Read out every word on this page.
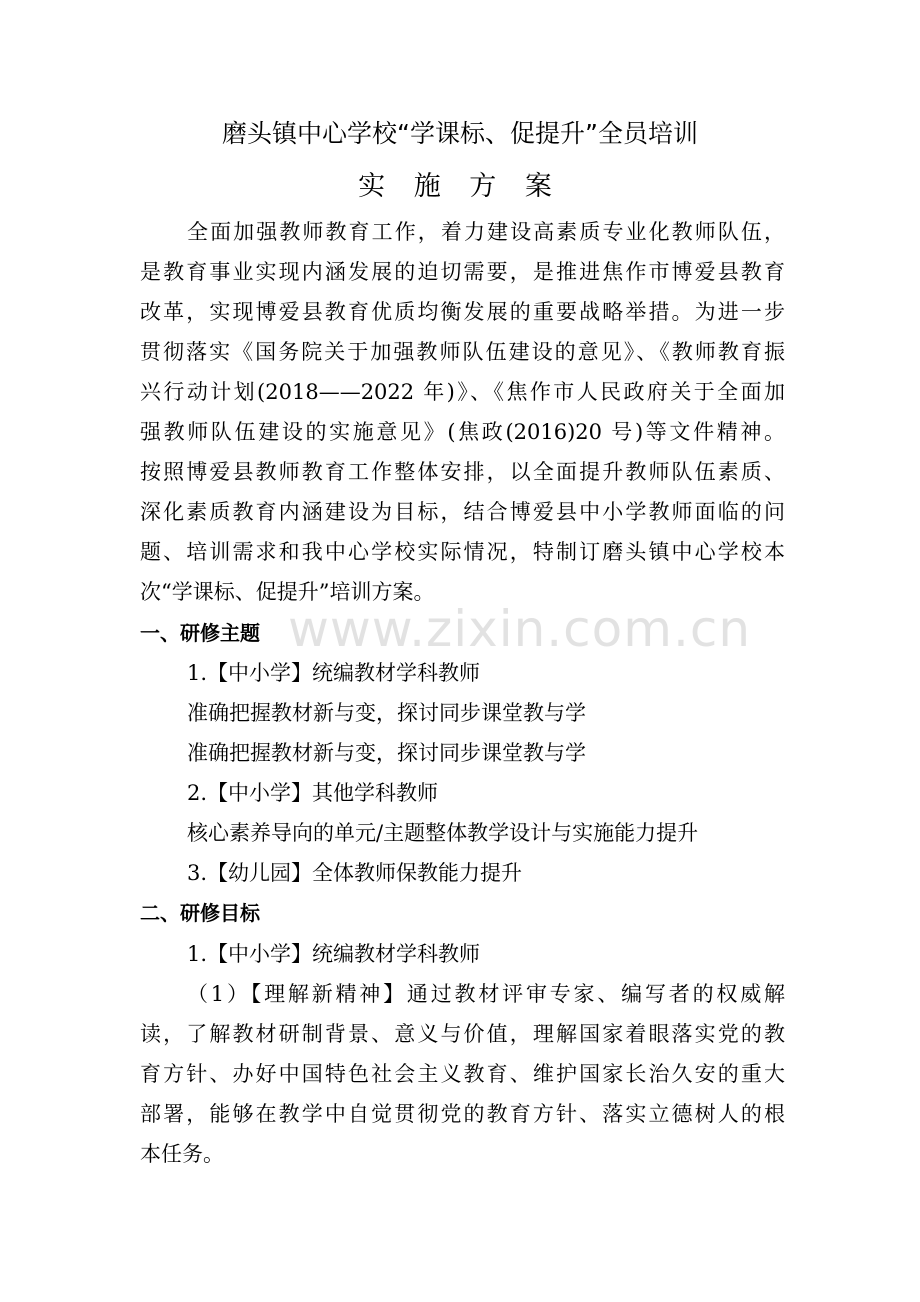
www.zixin.com.cn
磨头镇中心学校“学课标、促提升”全员培训
实 施 方 案
全面加强教师教育工作，着力建设高素质专业化教师队伍，
是教育事业实现内涵发展的迫切需要，是推进焦作市博爱县教育
改革，实现博爱县教育优质均衡发展的重要战略举措。为进一步
贯彻落实《国务院关于加强教师队伍建设的意见》、《教师教育振
兴行动计划(2018——2022 年)》、《焦作市人民政府关于全面加
强教师队伍建设的实施意见》(焦政(2016)20 号)等文件精神。
按照博爱县教师教育工作整体安排，以全面提升教师队伍素质、
深化素质教育内涵建设为目标，结合博爱县中小学教师面临的问
题、培训需求和我中心学校实际情况，特制订磨头镇中心学校本
次“学课标、促提升”培训方案。
一、研修主题
1.【中小学】统编教材学科教师
准确把握教材新与变，探讨同步课堂教与学
准确把握教材新与变，探讨同步课堂教与学
2.【中小学】其他学科教师
核心素养导向的单元/主题整体教学设计与实施能力提升
3.【幼儿园】全体教师保教能力提升
二、研修目标
1.【中小学】统编教材学科教师
（1）【理解新精神】通过教材评审专家、编写者的权威解
读，了解教材研制背景、意义与价值，理解国家着眼落实党的教
育方针、办好中国特色社会主义教育、维护国家长治久安的重大
部署，能够在教学中自觉贯彻党的教育方针、落实立德树人的根
本任务。
